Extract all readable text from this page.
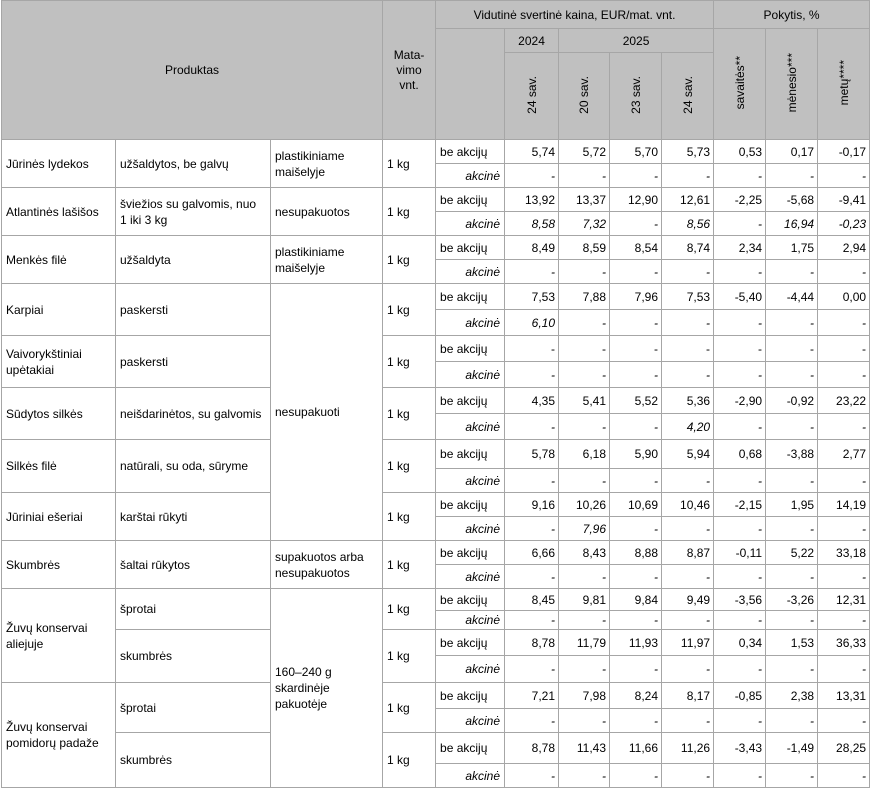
Produktas			Mata-vimo vnt.	Vidutinė svertinė kaina, EUR/mat. vnt.					Pokytis, %		
					2024	2025			savaitės**	mėnesio***	metų****
					24 sav.	20 sav.	23 sav.	24 sav.			
Jūrinės lydekos	užšaldytos, be galvų	plastikiniame maišelyje	1 kg	be akcijų	5,74	5,72	5,70	5,73	0,53	0,17	-0,17
				akcinė	-	-	-	-	-	-	-
Atlantinės lašišos	šviežios su galvomis, nuo 1 iki 3 kg	nesupakuotos	1 kg	be akcijų	13,92	13,37	12,90	12,61	-2,25	-5,68	-9,41
				akcinė	8,58	7,32	-	8,56	-	16,94	-0,23
Menkės filė	užšaldyta	plastikiniame maišelyje	1 kg	be akcijų	8,49	8,59	8,54	8,74	2,34	1,75	2,94
				akcinė	-	-	-	-	-	-	-
Karpiai	paskersti	nesupakuoti	1 kg	be akcijų	7,53	7,88	7,96	7,53	-5,40	-4,44	0,00
				akcinė	6,10	-	-	-	-	-	-
Vaivorykštiniai upėtakiai	paskersti		1 kg	be akcijų	-	-	-	-	-	-	-
				akcinė	-	-	-	-	-	-	-
Sūdytos silkės	neišdarinėtos, su galvomis		1 kg	be akcijų	4,35	5,41	5,52	5,36	-2,90	-0,92	23,22
				akcinė	-	-	-	4,20	-	-	-
Silkės filė	natūrali, su oda, sūryme		1 kg	be akcijų	5,78	6,18	5,90	5,94	0,68	-3,88	2,77
				akcinė	-	-	-	-	-	-	-
Jūriniai ešeriai	karštai rūkyti		1 kg	be akcijų	9,16	10,26	10,69	10,46	-2,15	1,95	14,19
				akcinė	-	7,96	-	-	-	-	-
Skumbrės	šaltai rūkytos	supakuotos arba nesupakuotos	1 kg	be akcijų	6,66	8,43	8,88	8,87	-0,11	5,22	33,18
				akcinė	-	-	-	-	-	-	-
Žuvų konservai aliejuje	šprotai	160–240 g skardinėje pakuotėje	1 kg	be akcijų	8,45	9,81	9,84	9,49	-3,56	-3,26	12,31
				akcinė	-	-	-	-	-	-	-
	skumbrės		1 kg	be akcijų	8,78	11,79	11,93	11,97	0,34	1,53	36,33
				akcinė	-	-	-	-	-	-	-
Žuvų konservai pomidorų padaže	šprotai		1 kg	be akcijų	7,21	7,98	8,24	8,17	-0,85	2,38	13,31
				akcinė	-	-	-	-	-	-	-
	skumbrės		1 kg	be akcijų	8,78	11,43	11,66	11,26	-3,43	-1,49	28,25
				akcinė	-	-	-	-	-	-	-
